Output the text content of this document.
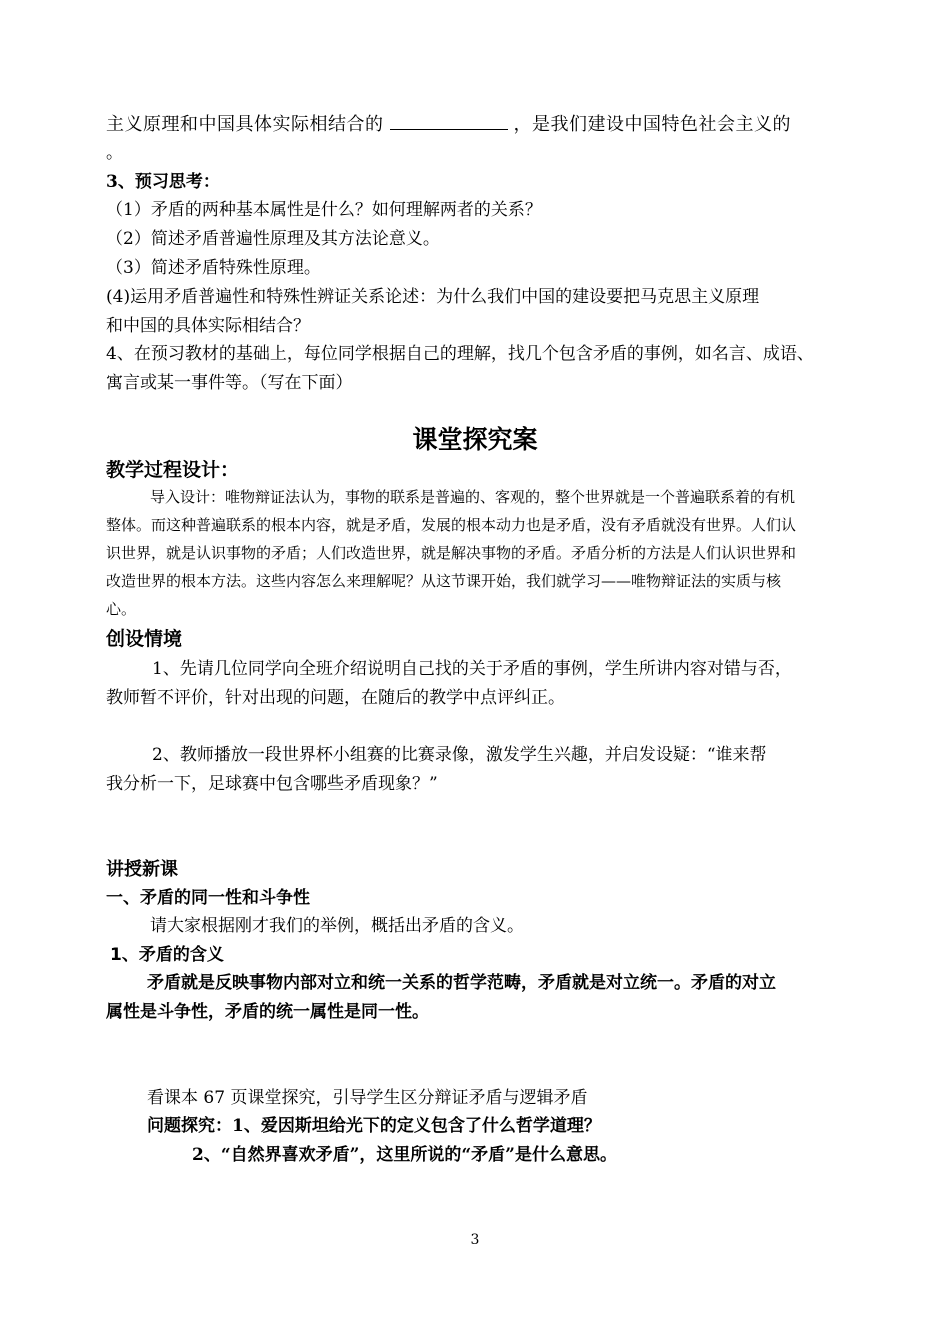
主义原理和中国具体实际相结合的	，是我们建设中国特色社会主义的
。
3、预习思考：
（1）矛盾的两种基本属性是什么？如何理解两者的关系？
（2）简述矛盾普遍性原理及其方法论意义。
（3）简述矛盾特殊性原理。
(4)运用矛盾普遍性和特殊性辨证关系论述：为什么我们中国的建设要把马克思主义原理
和中国的具体实际相结合？
4、在预习教材的基础上，每位同学根据自己的理解，找几个包含矛盾的事例，如名言、成语、
寓言或某一事件等。（写在下面）
课堂探究案
教学过程设计：
导入设计：唯物辩证法认为，事物的联系是普遍的、客观的，整个世界就是一个普遍联系着的有机
整体。而这种普遍联系的根本内容，就是矛盾，发展的根本动力也是矛盾，没有矛盾就没有世界。人们认
识世界，就是认识事物的矛盾；人们改造世界，就是解决事物的矛盾。矛盾分析的方法是人们认识世界和
改造世界的根本方法。这些内容怎么来理解呢？从这节课开始，我们就学习——唯物辩证法的实质与核
心。
创设情境
1、先请几位同学向全班介绍说明自己找的关于矛盾的事例，学生所讲内容对错与否，
教师暂不评价，针对出现的问题，在随后的教学中点评纠正。
2、教师播放一段世界杯小组赛的比赛录像，激发学生兴趣，并启发设疑：“谁来帮
我分析一下，足球赛中包含哪些矛盾现象？”
讲授新课
一、矛盾的同一性和斗争性
请大家根据刚才我们的举例，概括出矛盾的含义。
1、矛盾的含义
矛盾就是反映事物内部对立和统一关系的哲学范畴，矛盾就是对立统一。矛盾的对立
属性是斗争性，矛盾的统一属性是同一性。
看课本 67 页课堂探究，引导学生区分辩证矛盾与逻辑矛盾
问题探究：1、爱因斯坦给光下的定义包含了什么哲学道理？
2、“自然界喜欢矛盾”，这里所说的“矛盾”是什么意思。
3
